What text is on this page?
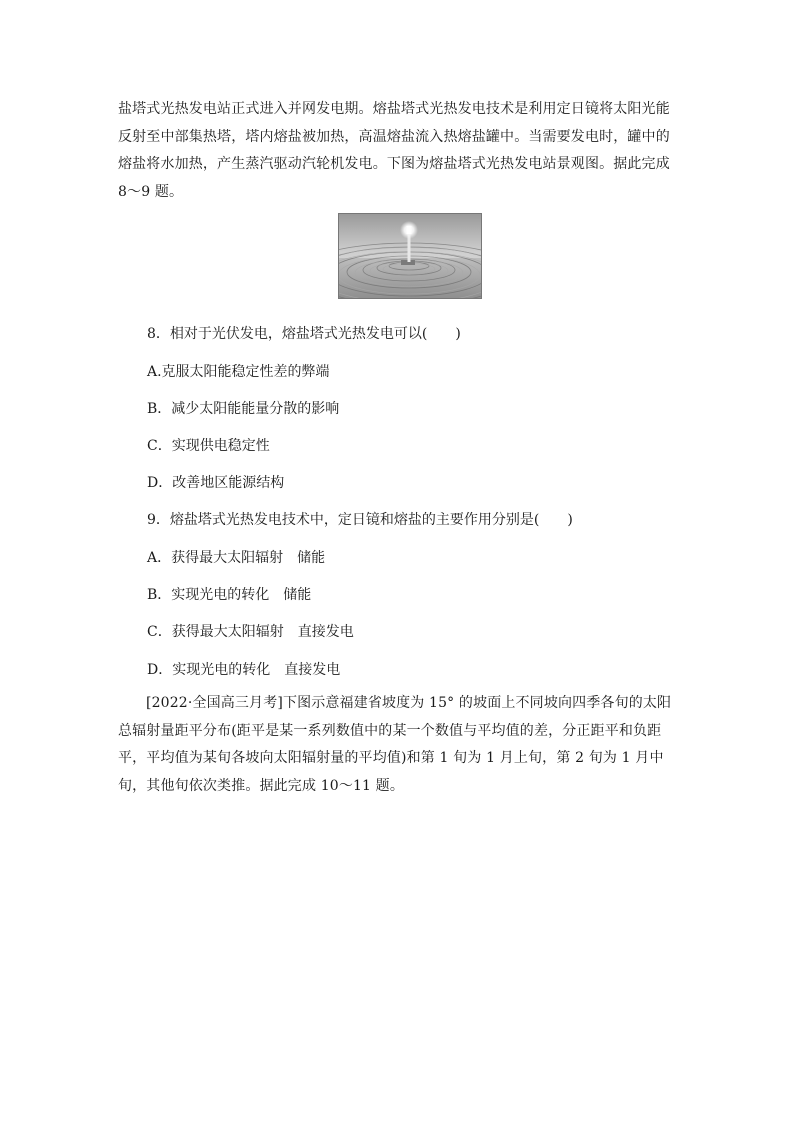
盐塔式光热发电站正式进入并网发电期。熔盐塔式光热发电技术是利用定日镜将太阳光能反射至中部集热塔，塔内熔盐被加热，高温熔盐流入热熔盐罐中。当需要发电时，罐中的熔盐将水加热，产生蒸汽驱动汽轮机发电。下图为熔盐塔式光热发电站景观图。据此完成 8～9 题。

8．相对于光伏发电，熔盐塔式光热发电可以(　　)

A.克服太阳能稳定性差的弊端

B．减少太阳能能量分散的影响

C．实现供电稳定性

D．改善地区能源结构

9．熔盐塔式光热发电技术中，定日镜和熔盐的主要作用分别是(　　)

A．获得最大太阳辐射　储能

B．实现光电的转化　储能

C．获得最大太阳辐射　直接发电

D．实现光电的转化　直接发电

[2022·全国高三月考]下图示意福建省坡度为 15° 的坡面上不同坡向四季各旬的太阳总辐射量距平分布(距平是某一系列数值中的某一个数值与平均值的差，分正距平和负距平，平均值为某旬各坡向太阳辐射量的平均值)和第 1 旬为 1 月上旬，第 2 旬为 1 月中旬，其他旬依次类推。据此完成 10～11 题。
